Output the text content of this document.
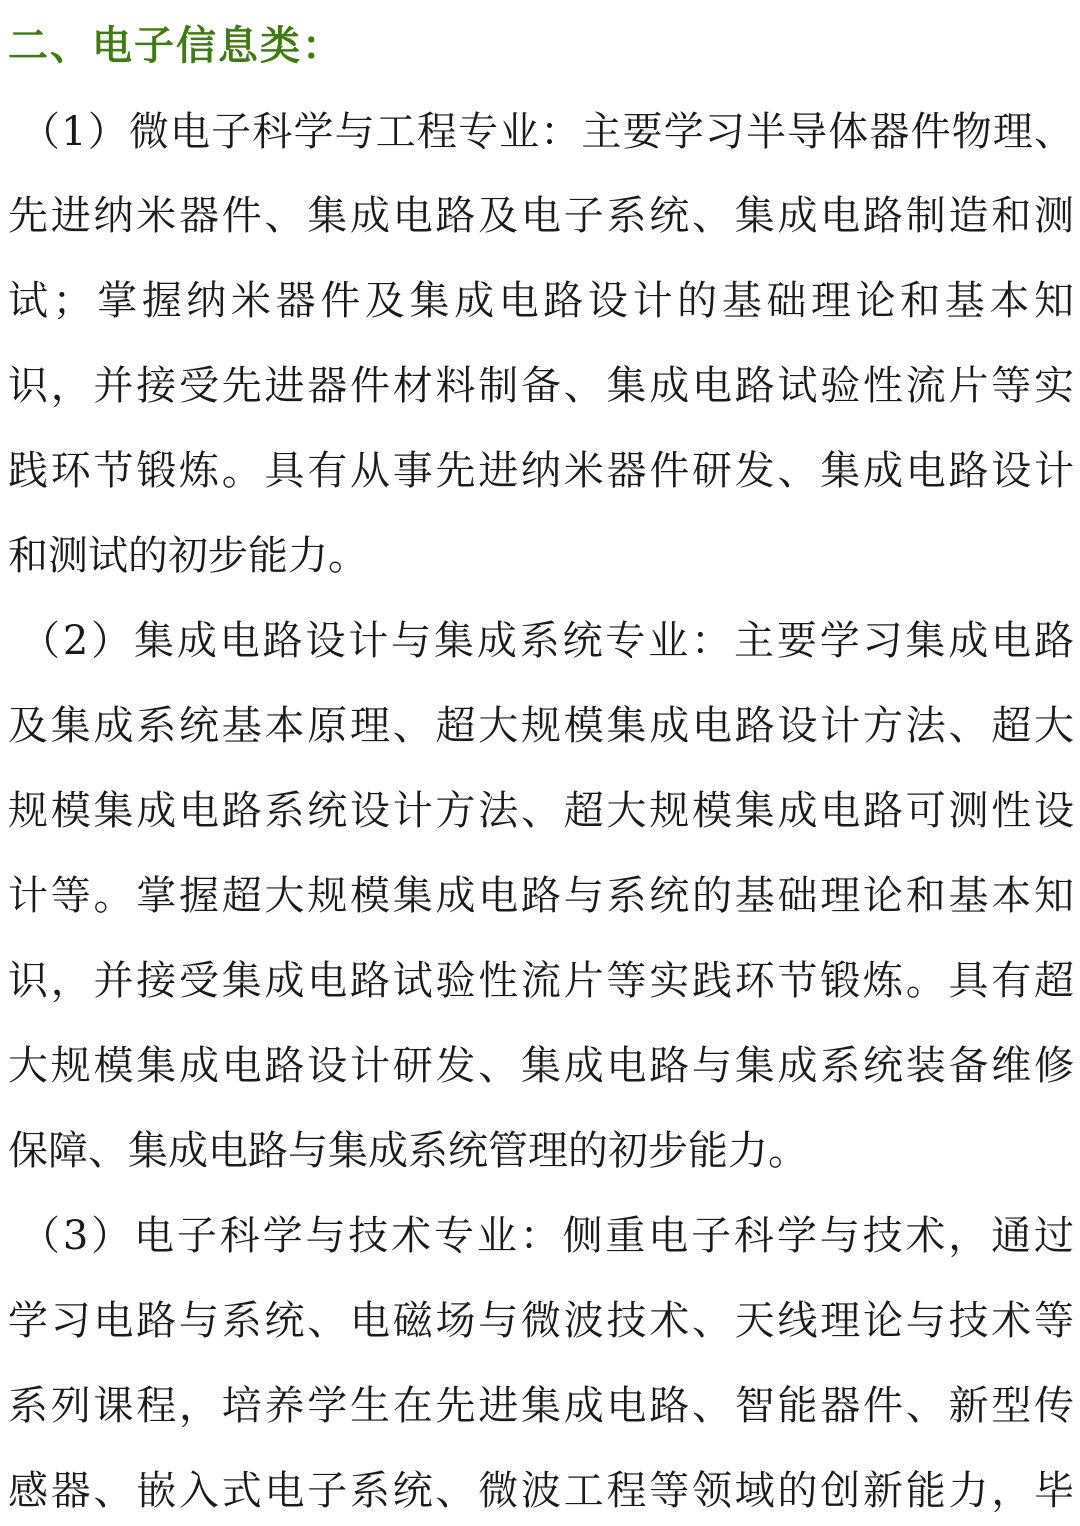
二、电子信息类：
（1）微电子科学与工程专业：主要学习半导体器件物理、
先进纳米器件、集成电路及电子系统、集成电路制造和测
试；掌握纳米器件及集成电路设计的基础理论和基本知
识，并接受先进器件材料制备、集成电路试验性流片等实
践环节锻炼。具有从事先进纳米器件研发、集成电路设计
和测试的初步能力。
（2）集成电路设计与集成系统专业：主要学习集成电路
及集成系统基本原理、超大规模集成电路设计方法、超大
规模集成电路系统设计方法、超大规模集成电路可测性设
计等。掌握超大规模集成电路与系统的基础理论和基本知
识，并接受集成电路试验性流片等实践环节锻炼。具有超
大规模集成电路设计研发、集成电路与集成系统装备维修
保障、集成电路与集成系统管理的初步能力。
（3）电子科学与技术专业：侧重电子科学与技术，通过
学习电路与系统、电磁场与微波技术、天线理论与技术等
系列课程，培养学生在先进集成电路、智能器件、新型传
感器、嵌入式电子系统、微波工程等领域的创新能力，毕
